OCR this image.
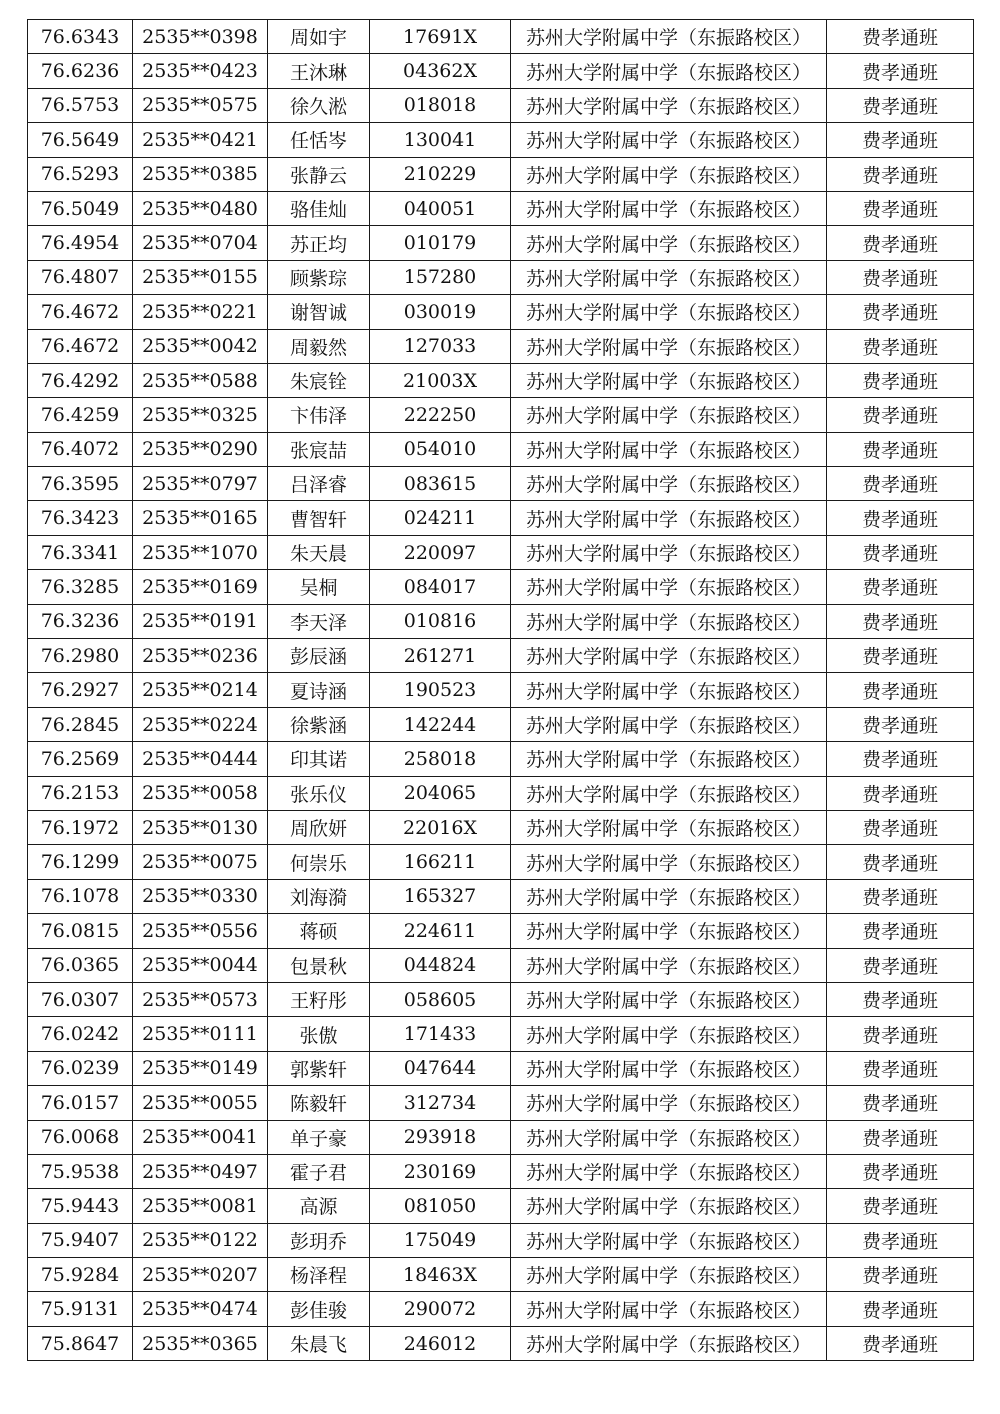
76.6343	2535**0398	周如宇	17691X	苏州大学附属中学（东振路校区）	费孝通班
76.6236	2535**0423	王沐琳	04362X	苏州大学附属中学（东振路校区）	费孝通班
76.5753	2535**0575	徐久淞	018018	苏州大学附属中学（东振路校区）	费孝通班
76.5649	2535**0421	任恬岑	130041	苏州大学附属中学（东振路校区）	费孝通班
76.5293	2535**0385	张静云	210229	苏州大学附属中学（东振路校区）	费孝通班
76.5049	2535**0480	骆佳灿	040051	苏州大学附属中学（东振路校区）	费孝通班
76.4954	2535**0704	苏正均	010179	苏州大学附属中学（东振路校区）	费孝通班
76.4807	2535**0155	顾紫琮	157280	苏州大学附属中学（东振路校区）	费孝通班
76.4672	2535**0221	谢智诚	030019	苏州大学附属中学（东振路校区）	费孝通班
76.4672	2535**0042	周毅然	127033	苏州大学附属中学（东振路校区）	费孝通班
76.4292	2535**0588	朱宸铨	21003X	苏州大学附属中学（东振路校区）	费孝通班
76.4259	2535**0325	卞伟泽	222250	苏州大学附属中学（东振路校区）	费孝通班
76.4072	2535**0290	张宸喆	054010	苏州大学附属中学（东振路校区）	费孝通班
76.3595	2535**0797	吕泽睿	083615	苏州大学附属中学（东振路校区）	费孝通班
76.3423	2535**0165	曹智轩	024211	苏州大学附属中学（东振路校区）	费孝通班
76.3341	2535**1070	朱天晨	220097	苏州大学附属中学（东振路校区）	费孝通班
76.3285	2535**0169	吴桐	084017	苏州大学附属中学（东振路校区）	费孝通班
76.3236	2535**0191	李天泽	010816	苏州大学附属中学（东振路校区）	费孝通班
76.2980	2535**0236	彭辰涵	261271	苏州大学附属中学（东振路校区）	费孝通班
76.2927	2535**0214	夏诗涵	190523	苏州大学附属中学（东振路校区）	费孝通班
76.2845	2535**0224	徐紫涵	142244	苏州大学附属中学（东振路校区）	费孝通班
76.2569	2535**0444	印其诺	258018	苏州大学附属中学（东振路校区）	费孝通班
76.2153	2535**0058	张乐仪	204065	苏州大学附属中学（东振路校区）	费孝通班
76.1972	2535**0130	周欣妍	22016X	苏州大学附属中学（东振路校区）	费孝通班
76.1299	2535**0075	何崇乐	166211	苏州大学附属中学（东振路校区）	费孝通班
76.1078	2535**0330	刘海漪	165327	苏州大学附属中学（东振路校区）	费孝通班
76.0815	2535**0556	蒋硕	224611	苏州大学附属中学（东振路校区）	费孝通班
76.0365	2535**0044	包景秋	044824	苏州大学附属中学（东振路校区）	费孝通班
76.0307	2535**0573	王籽彤	058605	苏州大学附属中学（东振路校区）	费孝通班
76.0242	2535**0111	张傲	171433	苏州大学附属中学（东振路校区）	费孝通班
76.0239	2535**0149	郭紫轩	047644	苏州大学附属中学（东振路校区）	费孝通班
76.0157	2535**0055	陈毅轩	312734	苏州大学附属中学（东振路校区）	费孝通班
76.0068	2535**0041	单子豪	293918	苏州大学附属中学（东振路校区）	费孝通班
75.9538	2535**0497	霍子君	230169	苏州大学附属中学（东振路校区）	费孝通班
75.9443	2535**0081	高源	081050	苏州大学附属中学（东振路校区）	费孝通班
75.9407	2535**0122	彭玥乔	175049	苏州大学附属中学（东振路校区）	费孝通班
75.9284	2535**0207	杨泽程	18463X	苏州大学附属中学（东振路校区）	费孝通班
75.9131	2535**0474	彭佳骏	290072	苏州大学附属中学（东振路校区）	费孝通班
75.8647	2535**0365	朱晨飞	246012	苏州大学附属中学（东振路校区）	费孝通班
